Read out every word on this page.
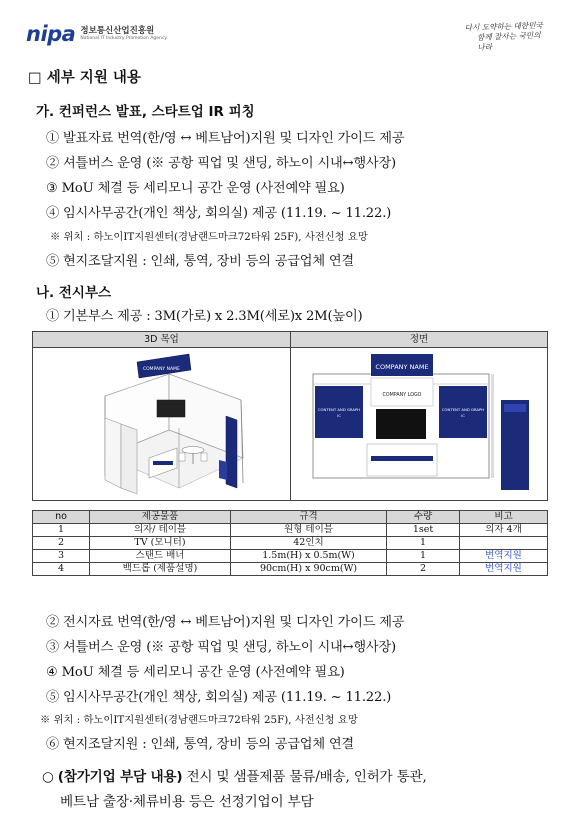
nipa 정보통신산업진흥원
National IT Industry Promotion Agency
다시 도약하는 대한민국
함께 잘사는 국민의 나라
□ 세부 지원 내용
가. 컨퍼런스 발표, 스타트업 IR 피칭
① 발표자료 번역(한/영 ↔ 베트남어)지원 및 디자인 가이드 제공
② 셔틀버스 운영 (※ 공항 픽업 및 샌딩, 하노이 시내↔행사장)
③ MoU 체결 등 세리모니 공간 운영 (사전예약 필요)
④ 임시사무공간(개인 책상, 회의실) 제공 (11.19. ~ 11.22.)
※ 위치 : 하노이IT지원센터(경남랜드마크72타워 25F), 사전신청 요망
⑤ 현지조달지원 : 인쇄, 통역, 장비 등의 공급업체 연결
나. 전시부스
① 기본부스 제공 : 3M(가로) x 2.3M(세로)x 2M(높이)
3D 목업
COMPANY NAME
정면
COMPANY NAME
COMPANY LOGO
CONTENT AND GRAPH
IC
CONTENT AND GRAPH
IC
no	제공물품	규격	수량	비고
1	의자/ 테이블	원형 테이블	1set	의자 4개
2	TV (모니터)	42인치	1	
3	스탠드 배너	1.5m(H) x 0.5m(W)	1	번역지원
4	백드롭 (제품설명)	90cm(H) x 90cm(W)	2	번역지원
② 전시자료 번역(한/영 ↔ 베트남어)지원 및 디자인 가이드 제공
③ 셔틀버스 운영 (※ 공항 픽업 및 샌딩, 하노이 시내↔행사장)
④ MoU 체결 등 세리모니 공간 운영 (사전예약 필요)
⑤ 임시사무공간(개인 책상, 회의실) 제공 (11.19. ~ 11.22.)
※ 위치 : 하노이IT지원센터(경남랜드마크72타워 25F), 사전신청 요망
⑥ 현지조달지원 : 인쇄, 통역, 장비 등의 공급업체 연결
○ (참가기업 부담 내용) 전시 및 샘플제품 물류/배송, 인허가 통관,
베트남 출장·체류비용 등은 선정기업이 부담
